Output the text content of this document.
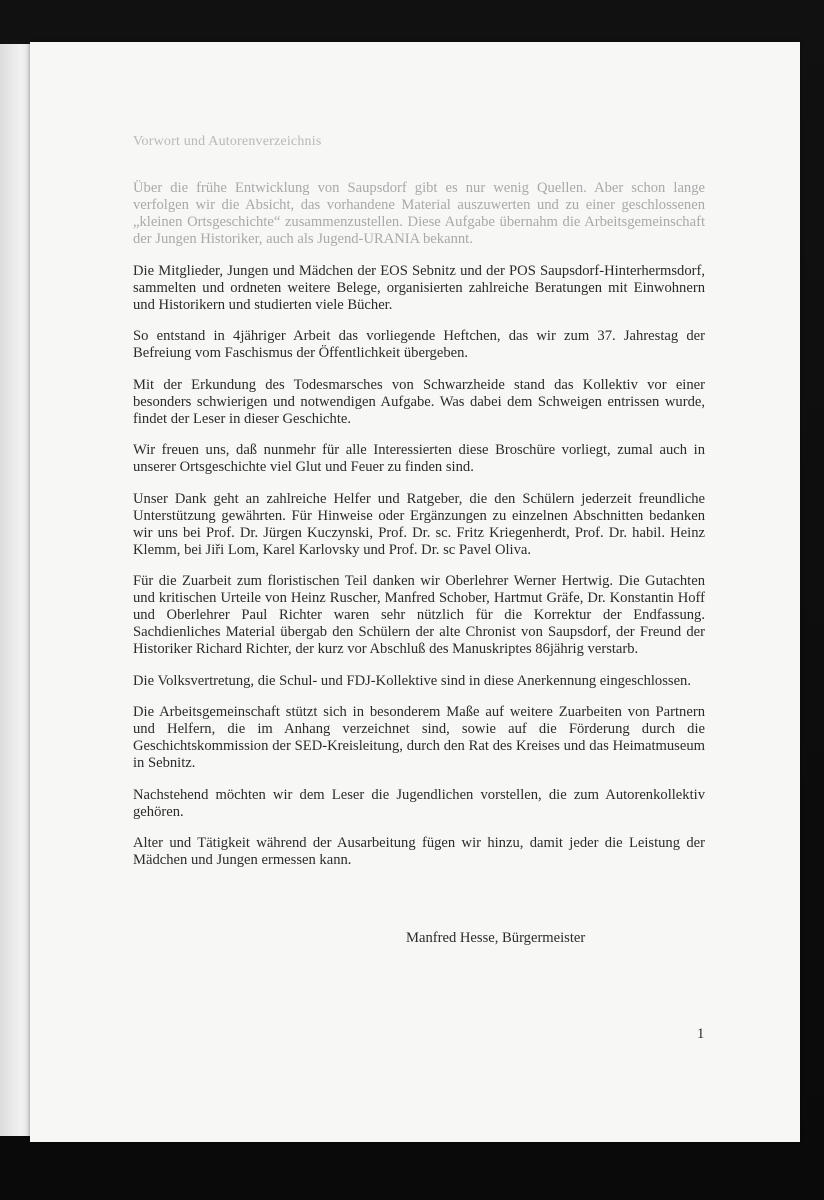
Vorwort und Autorenverzeichnis

Über die frühe Entwicklung von Saupsdorf gibt es nur wenig Quellen. Aber schon lange verfolgen wir die Absicht, das vorhandene Material auszuwerten und zu einer geschlossenen „kleinen Ortsgeschichte“ zusammenzustellen. Diese Aufgabe übernahm die Arbeitsgemeinschaft der Jungen Historiker, auch als Jugend-URANIA bekannt.

Die Mitglieder, Jungen und Mädchen der EOS Sebnitz und der POS Saupsdorf-Hinterhermsdorf, sammelten und ordneten weitere Belege, organisierten zahlreiche Beratungen mit Einwohnern und Historikern und studierten viele Bücher.

So entstand in 4jähriger Arbeit das vorliegende Heftchen, das wir zum 37. Jahrestag der Befreiung vom Faschismus der Öffentlichkeit übergeben.

Mit der Erkundung des Todesmarsches von Schwarzheide stand das Kollektiv vor einer besonders schwierigen und notwendigen Aufgabe. Was dabei dem Schweigen entrissen wurde, findet der Leser in dieser Geschichte.

Wir freuen uns, daß nunmehr für alle Interessierten diese Broschüre vorliegt, zumal auch in unserer Ortsgeschichte viel Glut und Feuer zu finden sind.

Unser Dank geht an zahlreiche Helfer und Ratgeber, die den Schülern jederzeit freundliche Unterstützung gewährten. Für Hinweise oder Ergänzungen zu einzelnen Abschnitten bedanken wir uns bei Prof. Dr. Jürgen Kuczynski, Prof. Dr. sc. Fritz Kriegenherdt, Prof. Dr. habil. Heinz Klemm, bei Jiři Lom, Karel Karlovsky und Prof. Dr. sc Pavel Oliva.

Für die Zuarbeit zum floristischen Teil danken wir Oberlehrer Werner Hertwig. Die Gutachten und kritischen Urteile von Heinz Ruscher, Manfred Schober, Hartmut Gräfe, Dr. Konstantin Hoff und Oberlehrer Paul Richter waren sehr nützlich für die Korrektur der Endfassung. Sachdienliches Material übergab den Schülern der alte Chronist von Saupsdorf, der Freund der Historiker Richard Richter, der kurz vor Abschluß des Manuskriptes 86jährig verstarb.

Die Volksvertretung, die Schul- und FDJ-Kollektive sind in diese Anerkennung eingeschlossen.

Die Arbeitsgemeinschaft stützt sich in besonderem Maße auf weitere Zuarbeiten von Partnern und Helfern, die im Anhang verzeichnet sind, sowie auf die Förderung durch die Geschichtskommission der SED-Kreisleitung, durch den Rat des Kreises und das Heimatmuseum in Sebnitz.

Nachstehend möchten wir dem Leser die Jugendlichen vorstellen, die zum Autorenkollektiv gehören.

Alter und Tätigkeit während der Ausarbeitung fügen wir hinzu, damit jeder die Leistung der Mädchen und Jungen ermessen kann.

Manfred Hesse, Bürgermeister
1
